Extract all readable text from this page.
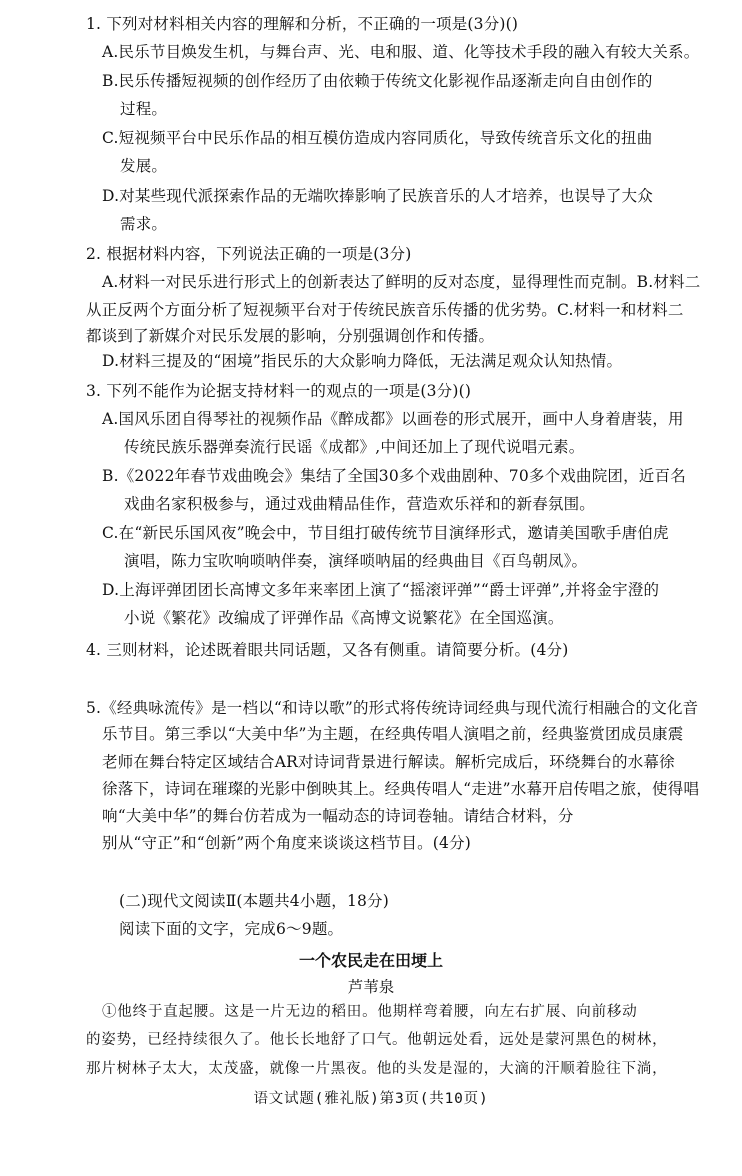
1. 下列对材料相关内容的理解和分析，不正确的一项是(3分)()
A.民乐节目焕发生机，与舞台声、光、电和服、道、化等技术手段的融入有较大关系。
B.民乐传播短视频的创作经历了由依赖于传统文化影视作品逐渐走向自由创作的
过程。
C.短视频平台中民乐作品的相互模仿造成内容同质化，导致传统音乐文化的扭曲
发展。
D.对某些现代派探索作品的无端吹捧影响了民族音乐的人才培养，也误导了大众
需求。
2. 根据材料内容，下列说法正确的一项是(3分)
A.材料一对民乐进行形式上的创新表达了鲜明的反对态度，显得理性而克制。B.材料二
从正反两个方面分析了短视频平台对于传统民族音乐传播的优劣势。C.材料一和材料二
都谈到了新媒介对民乐发展的影响，分别强调创作和传播。
D.材料三提及的“困境”指民乐的大众影响力降低，无法满足观众认知热情。
3. 下列不能作为论据支持材料一的观点的一项是(3分)()
A.国风乐团自得琴社的视频作品《醉成都》以画卷的形式展开，画中人身着唐装，用
传统民族乐器弹奏流行民谣《成都》,中间还加上了现代说唱元素。
B.《2022年春节戏曲晚会》集结了全国30多个戏曲剧种、70多个戏曲院团，近百名
戏曲名家积极参与，通过戏曲精品佳作，营造欢乐祥和的新春氛围。
C.在“新民乐国风夜”晚会中，节目组打破传统节目演绎形式，邀请美国歌手唐伯虎
演唱，陈力宝吹响唢呐伴奏，演绎唢呐届的经典曲目《百鸟朝凤》。
D.上海评弹团团长高博文多年来率团上演了“摇滚评弹”“爵士评弹”,并将金宇澄的
小说《繁花》改编成了评弹作品《高博文说繁花》在全国巡演。
4. 三则材料，论述既着眼共同话题，又各有侧重。请简要分析。(4分)
5.《经典咏流传》是一档以“和诗以歌”的形式将传统诗词经典与现代流行相融合的文化音
乐节目。第三季以“大美中华”为主题，在经典传唱人演唱之前，经典鉴赏团成员康震
老师在舞台特定区域结合AR对诗词背景进行解读。解析完成后，环绕舞台的水幕徐
徐落下，诗词在璀璨的光影中倒映其上。经典传唱人“走进”水幕开启传唱之旅，使得唱
响“大美中华”的舞台仿若成为一幅动态的诗词卷轴。请结合材料，分
别从“守正”和“创新”两个角度来谈谈这档节目。(4分)
(二)现代文阅读Ⅱ(本题共4小题，18分)
阅读下面的文字，完成6～9题。
一个农民走在田埂上
芦苇泉
①他终于直起腰。这是一片无边的稻田。他期样弯着腰，向左右扩展、向前移动
的姿势，已经持续很久了。他长长地舒了口气。他朝远处看，远处是蒙河黑色的树林，
那片树林子太大，太茂盛，就像一片黑夜。他的头发是湿的，大滴的汗顺着脸往下淌，
语文试题(雅礼版)第3页(共10页)
